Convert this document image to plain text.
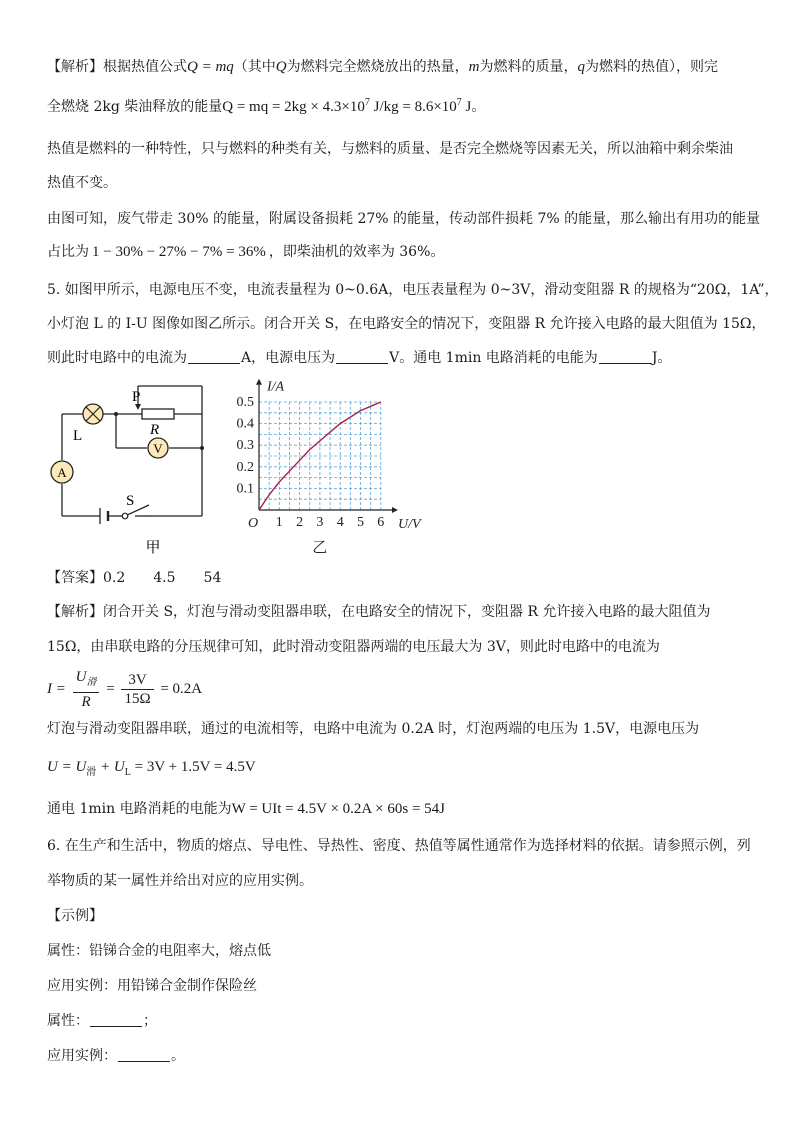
【解析】根据热值公式Q = mq（其中Q为燃料完全燃烧放出的热量，m为燃料的质量，q为燃料的热值），则完
全燃烧 2kg 柴油释放的能量Q = mq = $2kg \times 4.3\times 10^7$ $J/kg = 8.6\times 10^7$ J。
热值是燃料的一种特性，只与燃料的种类有关，与燃料的质量、是否完全燃烧等因素无关，所以油箱中剩余柴油
热值不变。
由图可知，废气带走 30% 的能量，附属设备损耗 27% 的能量，传动部件损耗 7% 的能量，那么输出有用功的能量
占比为 1 − 30% − 27% − 7% = 36% ，即柴油机的效率为 36%。
5. 如图甲所示，电源电压不变，电流表量程为 0~0.6A，电压表量程为 0~3V，滑动变阻器 R 的规格为“20Ω，1A”，
小灯泡 L 的 I-U 图像如图乙所示。闭合开关 S，在电路安全的情况下，变阻器 R 允许接入电路的最大阻值为 15Ω，
则此时电路中的电流为	A，电源电压为	V。通电 1min 电路消耗的电能为	J。
L
P
R
V
A
S
甲
1 2 3 4 5 6
0.1
0.2
0.3
0.4
0.5
O	U/V
I/A
乙
【答案】0.2 4.5 54
【解析】闭合开关 S，灯泡与滑动变阻器串联，在电路安全的情况下，变阻器 R 允许接入电路的最大阻值为
15Ω，由串联电路的分压规律可知，此时滑动变阻器两端的电压最大为 3V，则此时电路中的电流为
$I = \frac{U_滑}{R} = \frac{3V}{15\Omega} = 0.2A$
灯泡与滑动变阻器串联，通过的电流相等，电路中电流为 0.2A 时，灯泡两端的电压为 1.5V，电源电压为
$U = U_滑 + U_L = 3V + 1.5V = 4.5V$
通电 1min 电路消耗的电能为W = UIt = 4.5V × 0.2A × 60s = 54J
6. 在生产和生活中，物质的熔点、导电性、导热性、密度、热值等属性通常作为选择材料的依据。请参照示例，列
举物质的某一属性并给出对应的应用实例。
【示例】
属性：铅锑合金的电阻率大，熔点低
应用实例：用铅锑合金制作保险丝
属性：	；
应用实例：	。
